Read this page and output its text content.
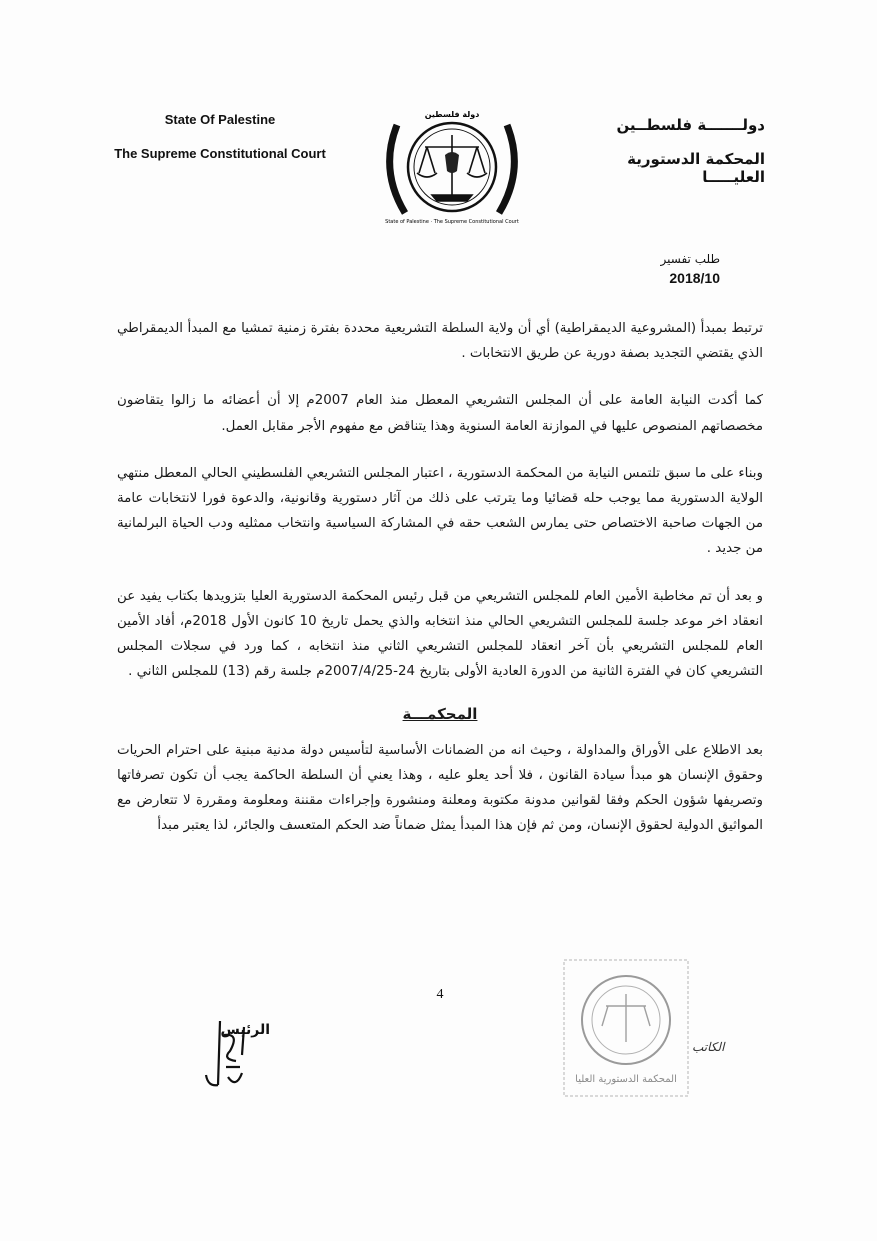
State Of Palestine
The Supreme Constitutional Court
دولة فلسطين
State of Palestine · The Supreme Constitutional Court
دولـــــــة فلسطــين
المحكمة الدستورية العليـــــا
طلب تفسير
2018/10

ترتبط بمبدأ (المشروعية الديمقراطية) أي أن ولاية السلطة التشريعية محددة بفترة زمنية تمشيا مع المبدأ الديمقراطي الذي يقتضي التجديد بصفة دورية عن طريق الانتخابات .

كما أكدت النيابة العامة على أن المجلس التشريعي المعطل منذ العام 2007م إلا أن أعضائه ما زالوا يتقاضون مخصصاتهم المنصوص عليها في الموازنة العامة السنوية وهذا يتناقض مع مفهوم الأجر مقابل العمل.

وبناء على ما سبق تلتمس النيابة من المحكمة الدستورية ، اعتبار المجلس التشريعي الفلسطيني الحالي المعطل منتهي الولاية الدستورية مما يوجب حله قضائيا وما يترتب على ذلك من آثار دستورية وقانونية، والدعوة فورا لانتخابات عامة من الجهات صاحبة الاختصاص حتى يمارس الشعب حقه في المشاركة السياسية وانتخاب ممثليه ودب الحياة البرلمانية من جديد .

و بعد أن تم مخاطبة الأمين العام للمجلس التشريعي من قبل رئيس المحكمة الدستورية العليا بتزويدها بكتاب يفيد عن انعقاد اخر موعد جلسة للمجلس التشريعي الحالي منذ انتخابه والذي يحمل تاريخ 10 كانون الأول 2018م، أفاد الأمين العام للمجلس التشريعي بأن آخر انعقاد للمجلس التشريعي الثاني منذ انتخابه ، كما ورد في سجلات المجلس التشريعي كان في الفترة الثانية من الدورة العادية الأولى بتاريخ 24-2007/4/25م جلسة رقم (13) للمجلس الثاني .

المحكمـــة

بعد الاطلاع على الأوراق والمداولة ، وحيث انه من الضمانات الأساسية لتأسيس دولة مدنية مبنية على احترام الحريات وحقوق الإنسان هو مبدأ سيادة القانون ، فلا أحد يعلو عليه ، وهذا يعني أن السلطة الحاكمة يجب أن تكون تصرفاتها وتصريفها شؤون الحكم وفقا لقوانين مدونة مكتوبة ومعلنة ومنشورة وإجراءات مقننة ومعلومة ومقررة لا تتعارض مع المواثيق الدولية لحقوق الإنسان، ومن ثم فإن هذا المبدأ يمثل ضماناً ضد الحكم المتعسف والجائر، لذا يعتبر مبدأ

4
الرئيس
المحكمة الدستورية العليا
الكاتب
